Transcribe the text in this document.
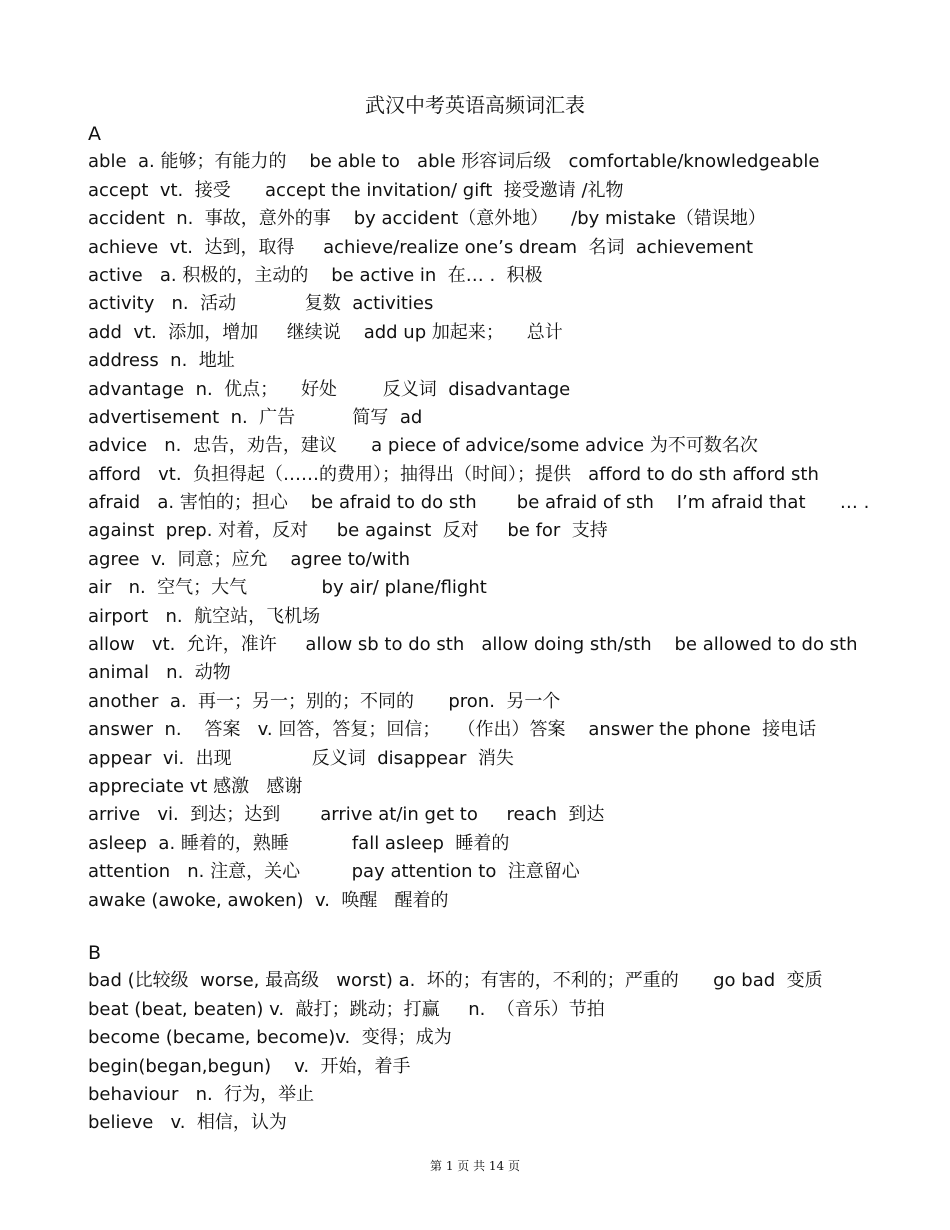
武汉中考英语高频词汇表
A
able  a. 能够；有能力的    be able to   able 形容词后级   comfortable/knowledgeable
accept  vt.  接受      accept the invitation/ gift  接受邀请 /礼物
accident  n.  事故，意外的事    by accident（意外地）    /by mistake（错误地）
achieve  vt.  达到，取得     achieve/realize one’s dream  名词  achievement
active   a. 积极的，主动的    be active in  在… .  积极
activity   n.  活动            复数  activities
add  vt.  添加，增加     继续说    add up 加起来；    总计
address  n.  地址
advantage  n.  优点；    好处        反义词  disadvantage
advertisement  n.  广告          简写  ad
advice   n.  忠告，劝告，建议      a piece of advice/some advice 为不可数名次
afford   vt.  负担得起（……的费用）；抽得出（时间）；提供   afford to do sth afford sth
afraid   a. 害怕的；担心    be afraid to do sth       be afraid of sth    I’m afraid that      … .
against  prep. 对着，反对     be against  反对     be for  支持
agree  v.  同意；应允    agree to/with
air   n.  空气；大气             by air/ plane/flight
airport   n.  航空站，飞机场
allow   vt.  允许，准许     allow sb to do sth   allow doing sth/sth    be allowed to do sth
animal   n.  动物
another  a.  再一；另一；别的；不同的      pron.  另一个
answer  n.    答案   v. 回答，答复；回信；   （作出）答案    answer the phone  接电话
appear  vi.  出现              反义词  disappear  消失
appreciate vt 感激   感谢
arrive   vi.  到达；达到       arrive at/in get to     reach  到达
asleep  a. 睡着的，熟睡           fall asleep  睡着的
attention   n. 注意，关心         pay attention to  注意留心
awake (awoke, awoken)  v.  唤醒   醒着的
B
bad (比较级  worse, 最高级   worst) a.  坏的；有害的，不利的；严重的      go bad  变质
beat (beat, beaten) v.  敲打；跳动；打赢     n.  （音乐）节拍
become (became, become)v.  变得；成为
begin(began,begun)    v.  开始，着手
behaviour   n.  行为，举止
believe   v.  相信，认为
第 1 页 共 14 页
